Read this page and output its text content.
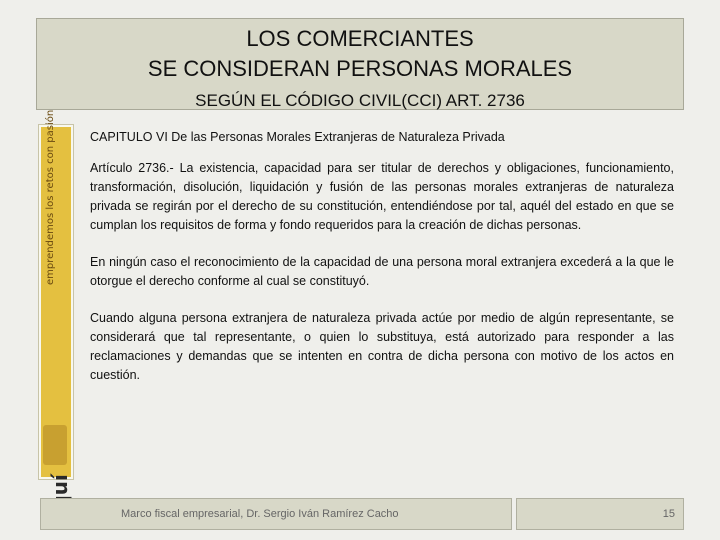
LOS COMERCIANTES
SE CONSIDERAN PERSONAS MORALES
SEGÚN EL CÓDIGO CIVIL(CCI) ART. 2736
emprendemos los retos con pasión	CAPITULO VI De las Personas Morales Extranjeras de Naturaleza Privada

Artículo 2736.- La existencia, capacidad para ser titular de derechos y obligaciones, funcionamiento, transformación, disolución, liquidación y fusión de las personas morales extranjeras de naturaleza privada se regirán por el derecho de su constitución, entendiéndose por tal, aquél del estado en que se cumplan los requisitos de forma y fondo requeridos para la creación de dichas personas.

En ningún caso el reconocimiento de la capacidad de una persona moral extranjera excederá a la que le otorgue el derecho conforme al cual se constituyó.

Cuando alguna persona extranjera de naturaleza privada actúe por medio de algún representante, se considerará que tal representante, o quien lo substituya, está autorizado para responder a las reclamaciones y demandas que se intenten en contra de dicha persona con motivo de los actos en cuestión.

Marco fiscal empresarial, Dr. Sergio Iván Ramírez Cacho	15
